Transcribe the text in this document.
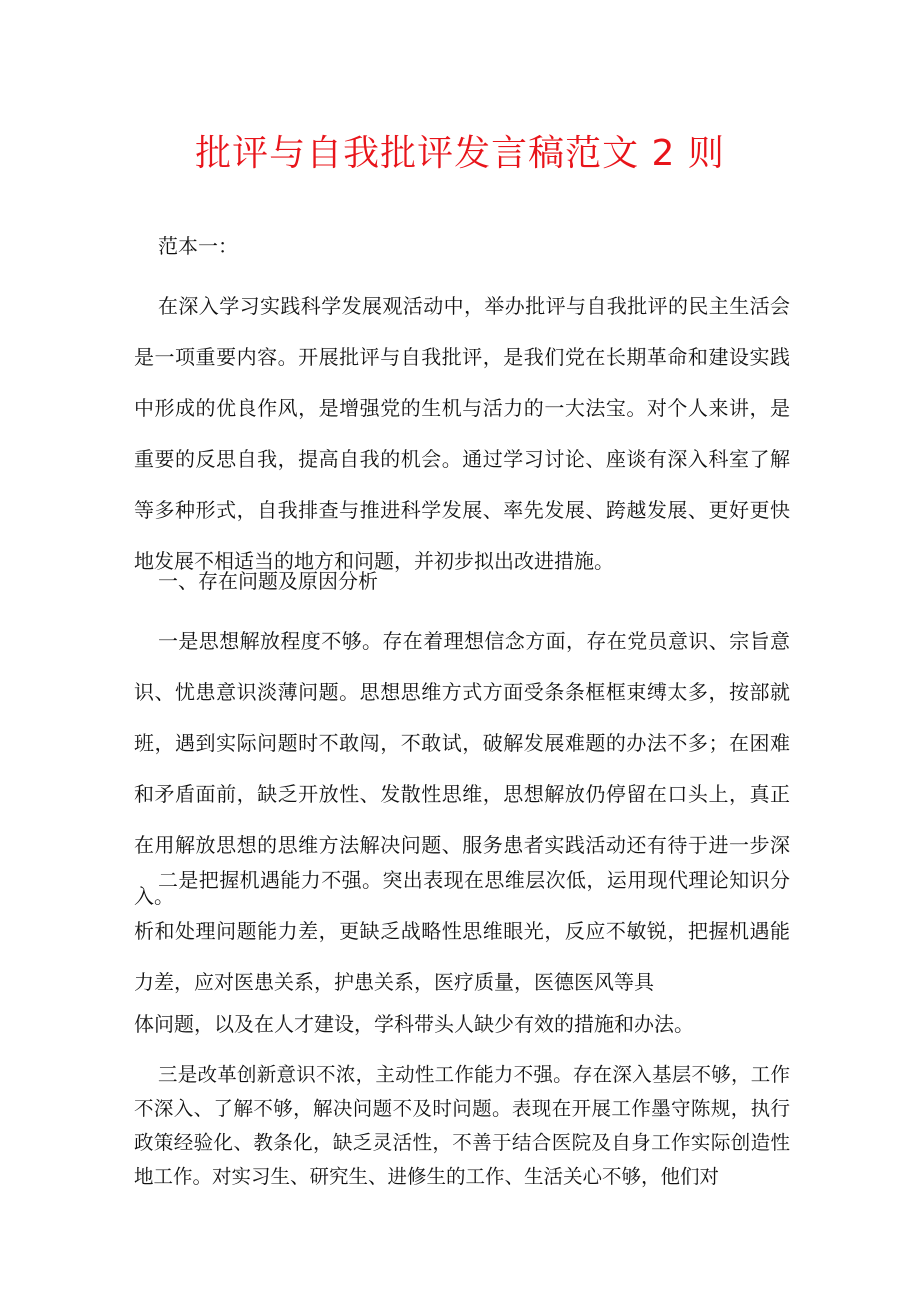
批评与自我批评发言稿范文 2 则

范本一：

在深入学习实践科学发展观活动中，举办批评与自我批评的民主生活会是一项重要内容。开展批评与自我批评，是我们党在长期革命和建设实践中形成的优良作风，是增强党的生机与活力的一大法宝。对个人来讲，是重要的反思自我，提高自我的机会。通过学习讨论、座谈有深入科室了解等多种形式，自我排查与推进科学发展、率先发展、跨越发展、更好更快地发展不相适当的地方和问题，并初步拟出改进措施。

一、存在问题及原因分析

一是思想解放程度不够。存在着理想信念方面，存在党员意识、宗旨意识、忧患意识淡薄问题。思想思维方式方面受条条框框束缚太多，按部就班，遇到实际问题时不敢闯，不敢试，破解发展难题的办法不多；在困难和矛盾面前，缺乏开放性、发散性思维，思想解放仍停留在口头上，真正在用解放思想的思维方法解决问题、服务患者实践活动还有待于进一步深入。

二是把握机遇能力不强。突出表现在思维层次低，运用现代理论知识分析和处理问题能力差，更缺乏战略性思维眼光，反应不敏锐，把握机遇能力差，应对医患关系，护患关系，医疗质量，医德医风等具

体问题，以及在人才建设，学科带头人缺少有效的措施和办法。

三是改革创新意识不浓，主动性工作能力不强。存在深入基层不够，工作不深入、了解不够，解决问题不及时问题。表现在开展工作墨守陈规，执行政策经验化、教条化，缺乏灵活性，不善于结合医院及自身工作实际创造性地工作。对实习生、研究生、进修生的工作、生活关心不够，他们对
